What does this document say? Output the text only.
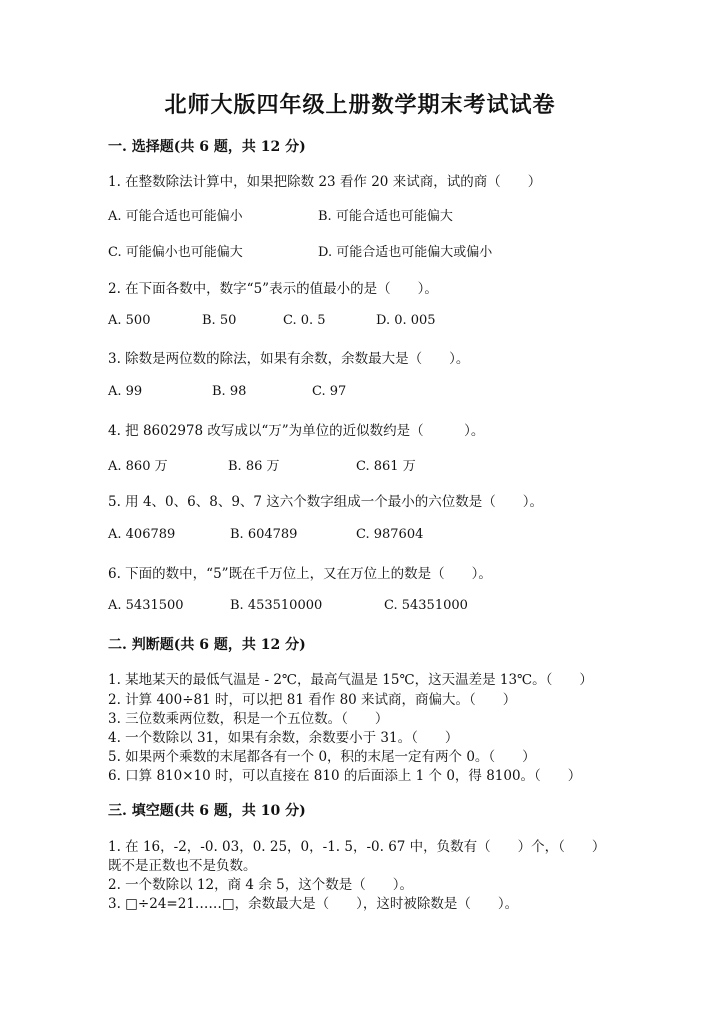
北师大版四年级上册数学期末考试试卷
一. 选择题(共 6 题，共 12 分)
1. 在整数除法计算中，如果把除数 23 看作 20 来试商，试的商（　　）
A. 可能合适也可能偏小	B. 可能合适也可能偏大
C. 可能偏小也可能偏大	D. 可能合适也可能偏大或偏小
2. 在下面各数中，数字“5”表示的值最小的是（　　）。
A. 500	B. 50	C. 0. 5	D. 0. 005
3. 除数是两位数的除法，如果有余数，余数最大是（　　）。
A. 99	B. 98	C. 97
4. 把 8602978 改写成以“万”为单位的近似数约是（　　　）。
A. 860 万	B. 86 万	C. 861 万
5. 用 4、0、6、8、9、7 这六个数字组成一个最小的六位数是（　　）。
A. 406789	B. 604789	C. 987604
6. 下面的数中，“5”既在千万位上，又在万位上的数是（　　）。
A. 5431500	B. 453510000	C. 54351000
二. 判断题(共 6 题，共 12 分)
1. 某地某天的最低气温是 - 2℃，最高气温是 15℃，这天温差是 13℃。（　　）
2. 计算 400÷81 时，可以把 81 看作 80 来试商，商偏大。（　　）
3. 三位数乘两位数，积是一个五位数。（　　）
4. 一个数除以 31，如果有余数，余数要小于 31。（　　）
5. 如果两个乘数的末尾都各有一个 0，积的末尾一定有两个 0。（　　）
6. 口算 810×10 时，可以直接在 810 的后面添上 1 个 0，得 8100。（　　）
三. 填空题(共 6 题，共 10 分)
1. 在 16，-2，-0. 03，0. 25，0，-1. 5，-0. 67 中，负数有（　　）个，（　　）
既不是正数也不是负数。
2. 一个数除以 12，商 4 余 5，这个数是（　　）。
3. □÷24=21……□，余数最大是（　　），这时被除数是（　　）。
